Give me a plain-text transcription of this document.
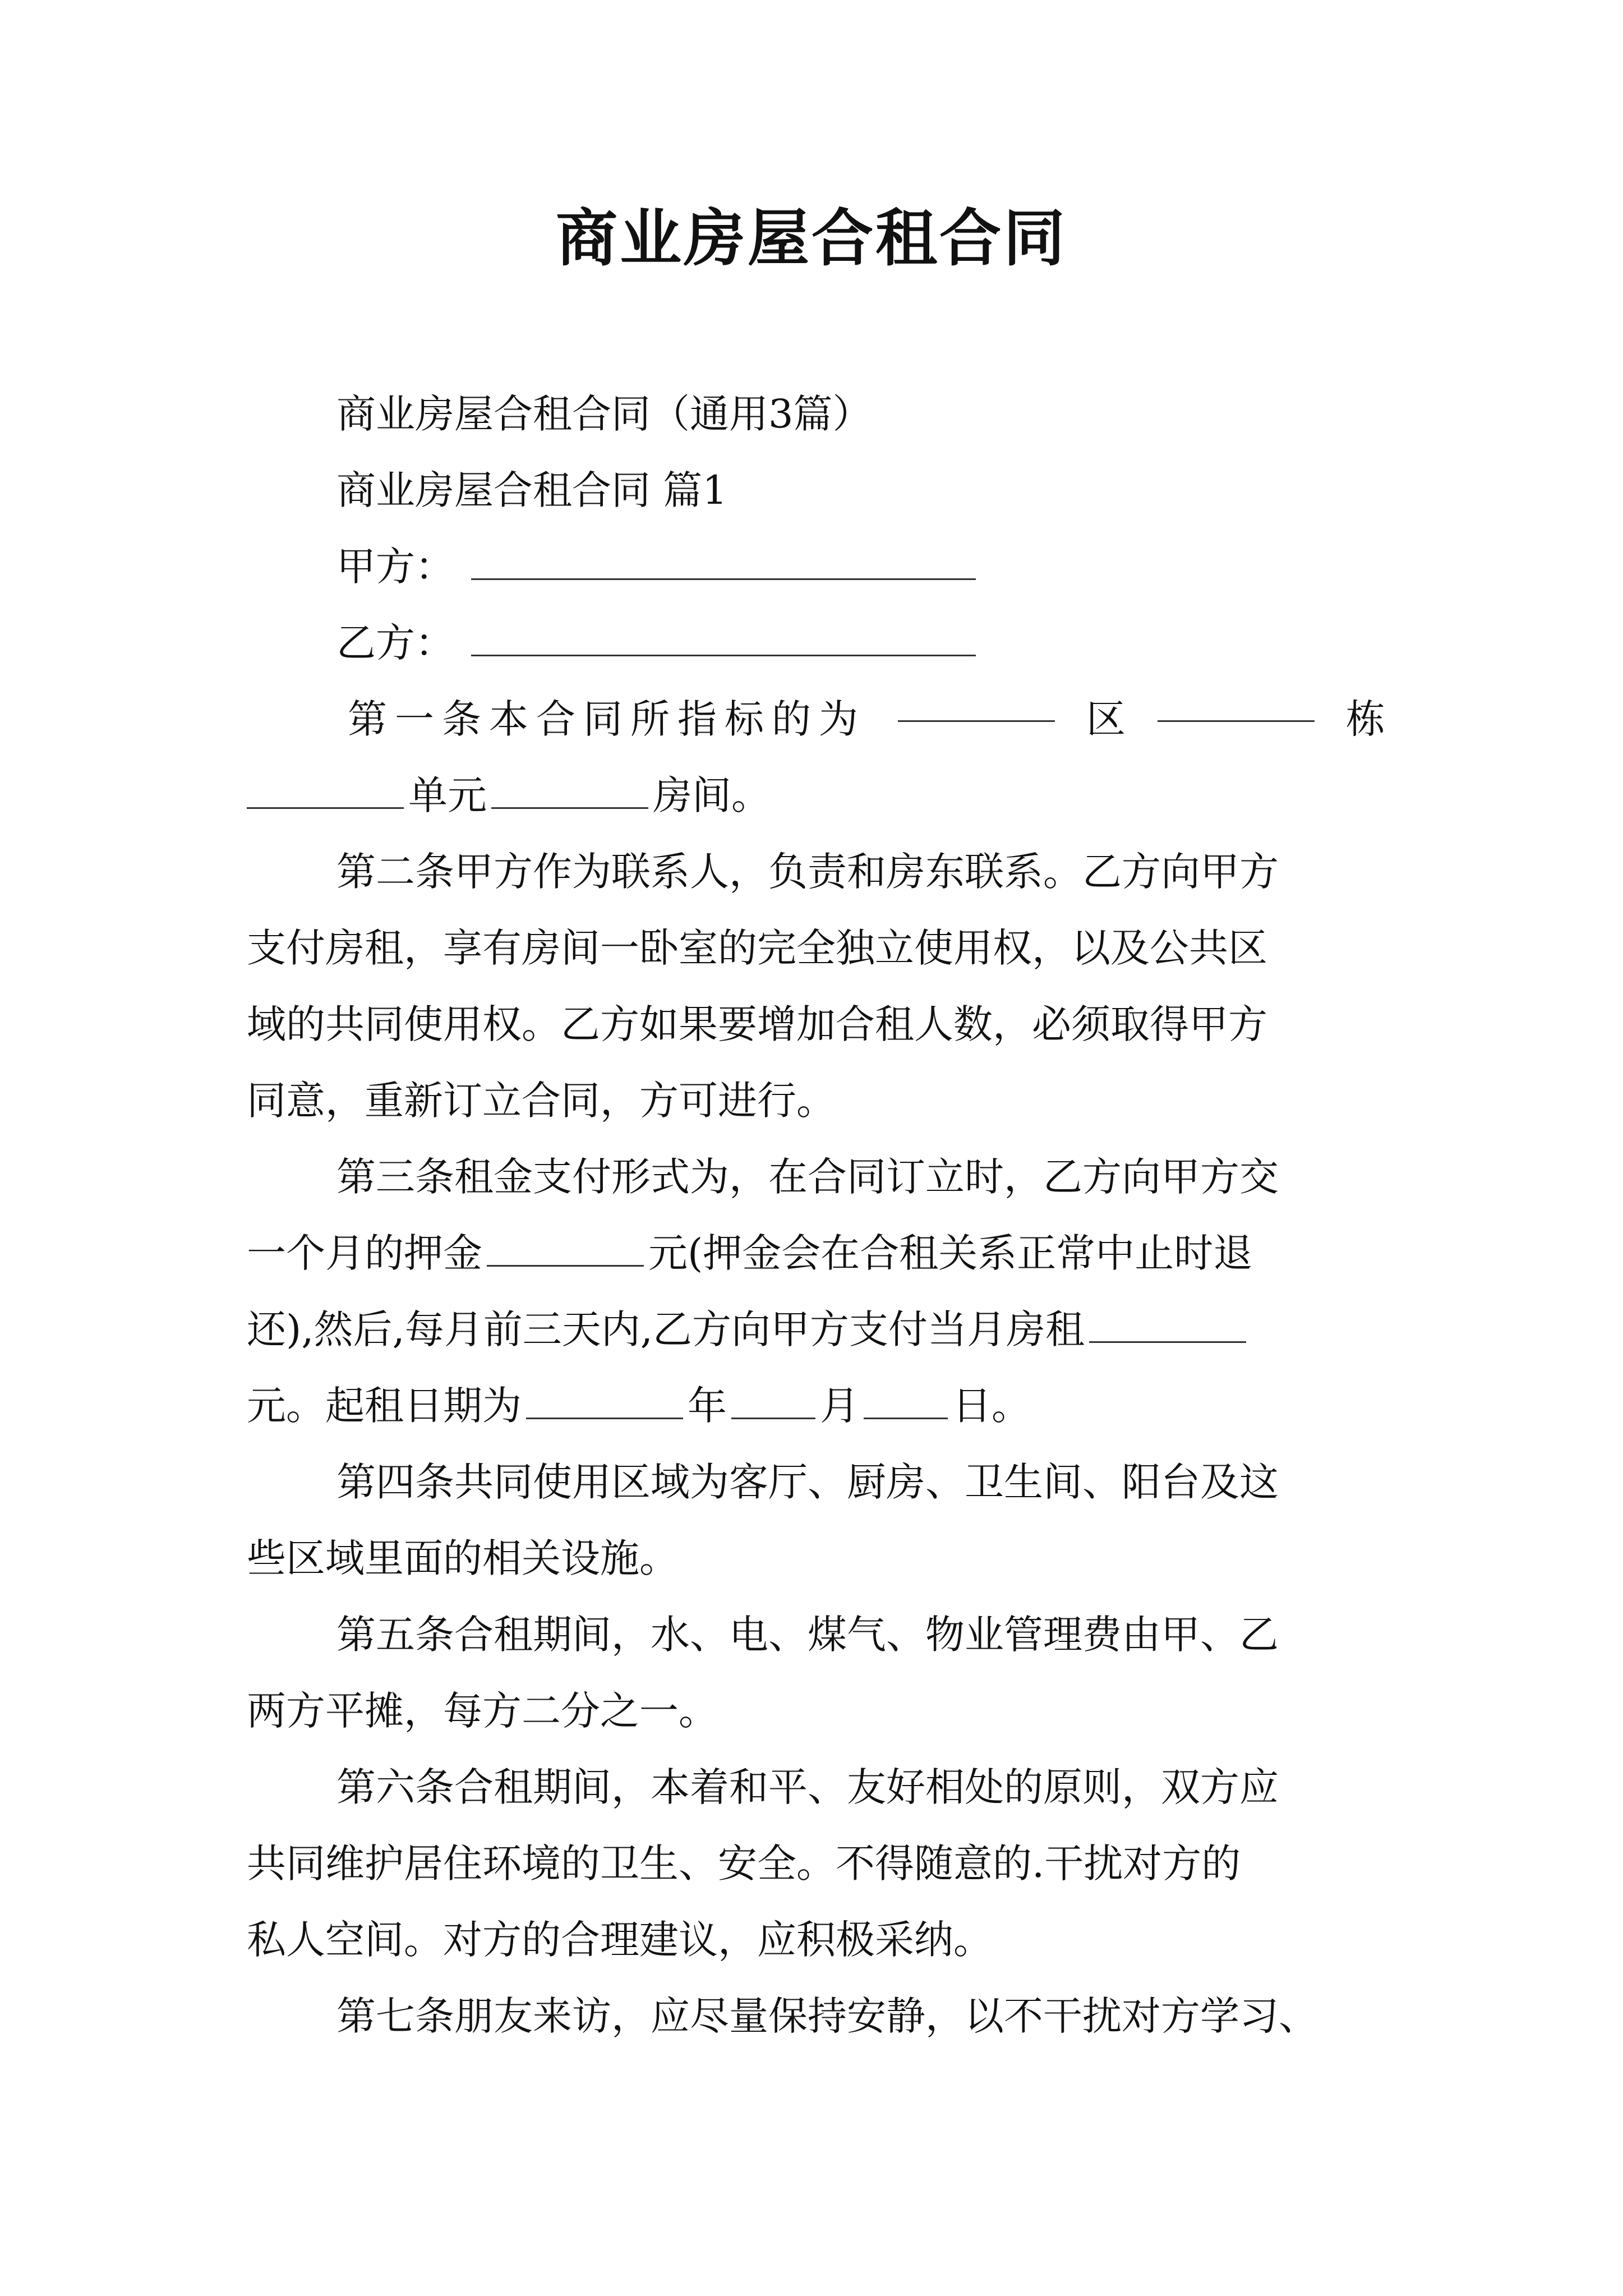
商业房屋合租合同
商业房屋合租合同（通用3篇）
商业房屋合租合同 篇1
甲方：
乙方：
第一条本合同所指标的为	区	栋
单元	房间。
第二条甲方作为联系人，负责和房东联系。乙方向甲方
支付房租，享有房间一卧室的完全独立使用权，以及公共区
域的共同使用权。乙方如果要增加合租人数，必须取得甲方
同意，重新订立合同，方可进行。
第三条租金支付形式为，在合同订立时，乙方向甲方交
一个月的押金	元(押金会在合租关系正常中止时退
还),然后,每月前三天内,乙方向甲方支付当月房租
元。起租日期为	年 月 日。
第四条共同使用区域为客厅、厨房、卫生间、阳台及这
些区域里面的相关设施。
第五条合租期间，水、电、煤气、物业管理费由甲、乙
两方平摊，每方二分之一。
第六条合租期间，本着和平、友好相处的原则，双方应
共同维护居住环境的卫生、安全。不得随意的.干扰对方的
私人空间。对方的合理建议，应积极采纳。
第七条朋友来访，应尽量保持安静，以不干扰对方学习、
